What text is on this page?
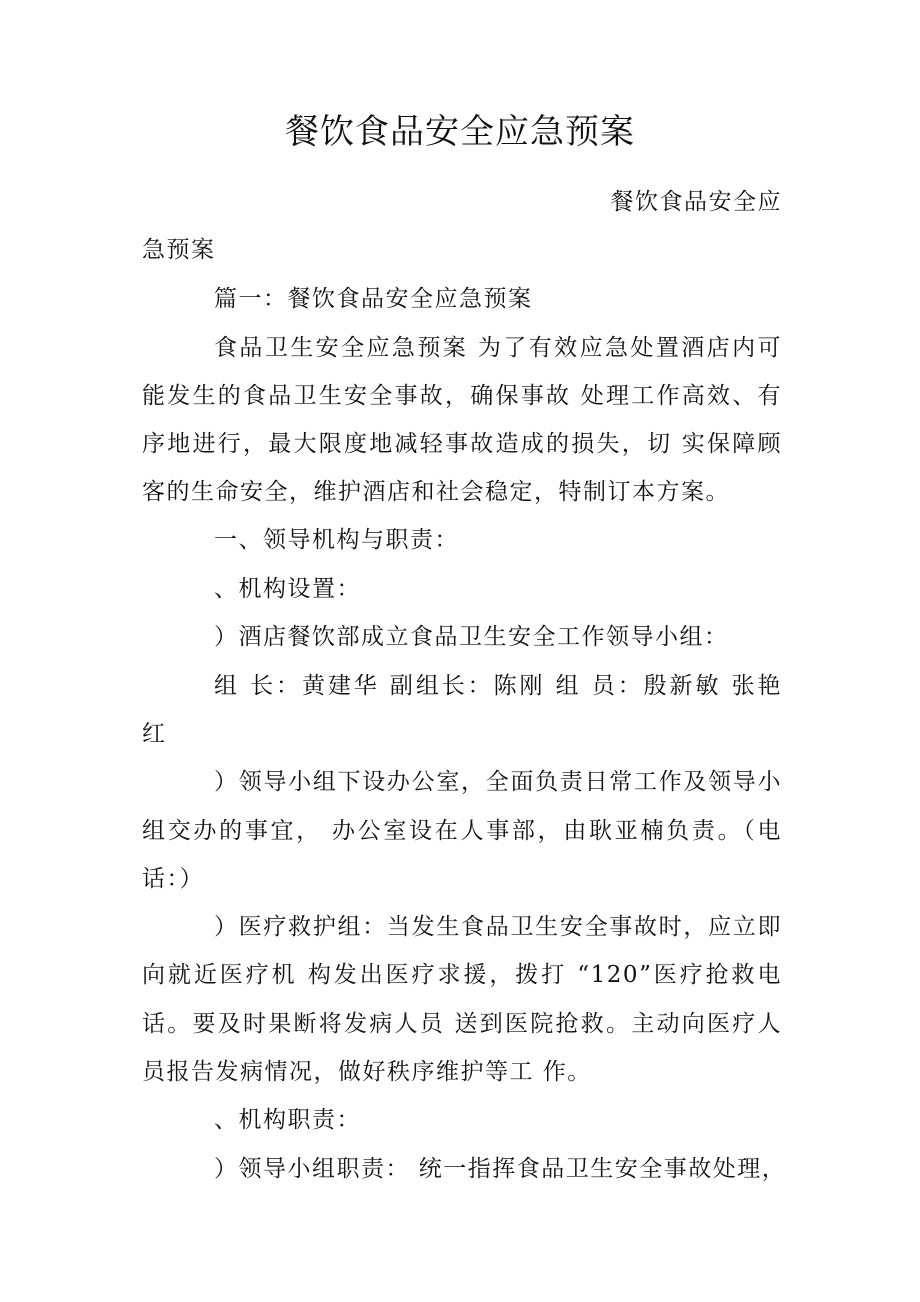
餐饮食品安全应急预案
餐饮食品安全应
急预案
篇一：餐饮食品安全应急预案
食品卫生安全应急预案 为了有效应急处置酒店内可
能发生的食品卫生安全事故，确保事故 处理工作高效、有
序地进行，最大限度地减轻事故造成的损失，切 实保障顾
客的生命安全，维护酒店和社会稳定，特制订本方案。
一、领导机构与职责：
、机构设置：
）酒店餐饮部成立食品卫生安全工作领导小组：
组 长：黄建华 副组长：陈刚 组 员：殷新敏 张艳
红
）领导小组下设办公室，全面负责日常工作及领导小
组交办的事宜， 办公室设在人事部，由耿亚楠负责。（电
话：）
）医疗救护组：当发生食品卫生安全事故时，应立即
向就近医疗机 构发出医疗求援，拨打 “120”医疗抢救电
话。要及时果断将发病人员 送到医院抢救。主动向医疗人
员报告发病情况，做好秩序维护等工 作。
、机构职责：
）领导小组职责： 统一指挥食品卫生安全事故处理，
